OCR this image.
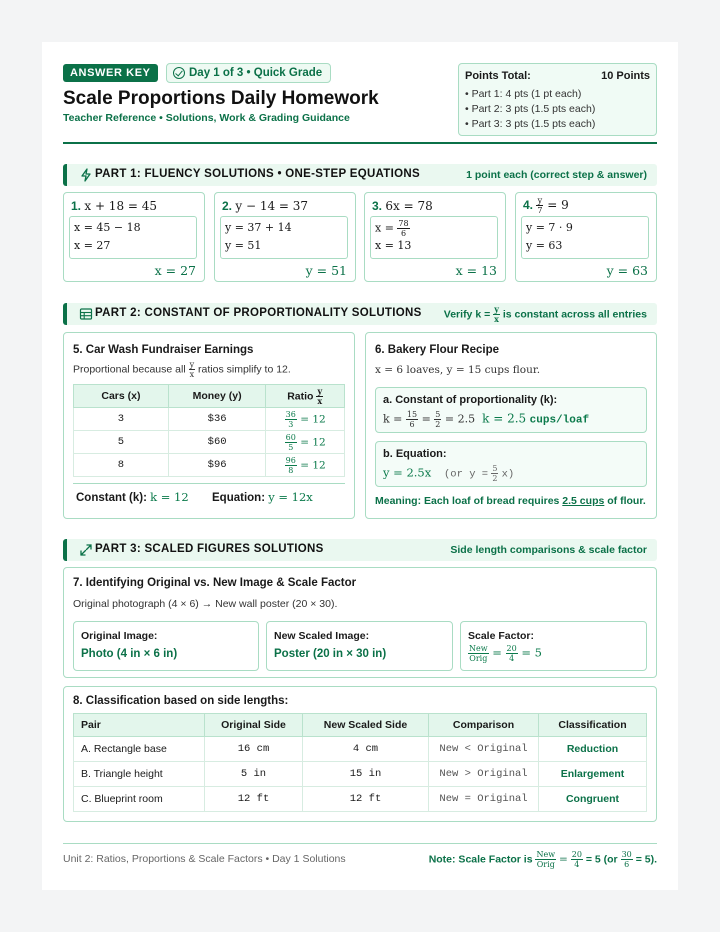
ANSWER KEY	Day 1 of 3 • Quick Grade
Scale Proportions Daily Homework
Teacher Reference • Solutions, Work & Grading Guidance
Points Total:	10 Points
• Part 1: 4 pts (1 pt each)
• Part 2: 3 pts (1.5 pts each)
• Part 3: 3 pts (1.5 pts each)
PART 1: FLUENCY SOLUTIONS • ONE-STEP EQUATIONS	1 point each (correct step & answer)
1. x + 18 = 45
x = 45 − 18
x = 27
x = 27
2. y − 14 = 37
y = 37 + 14
y = 51
y = 51
3. 6x = 78
$x = \frac{78}{6}$
x = 13
x = 13
4. $\frac{y}{7} = 9$
y = 7 · 9
y = 63
y = 63
PART 2: CONSTANT OF PROPORTIONALITY SOLUTIONS Verify $k = \frac{y}{x}$ is constant across all entries
5. Car Wash Fundraiser Earnings
Proportional because all $\frac{y}{x}$ ratios simplify to 12.
Cars (x)	Money (y)	Ratio $\frac{y}{x}$

3	$36	$\frac{36}{3} = 12$
5	$60	$\frac{60}{5} = 12$
8	$96	$\frac{96}{8} = 12$
Constant (k): k = 12 Equation: y = 12x
6. Bakery Flour Recipe
x = 6 loaves, y = 15 cups flour.
a. Constant of proportionality (k):
$k = \frac{15}{6} = \frac{5}{2} = 2.5$ k = 2.5 cups/loaf
b. Equation:
y = 2.5x (or $y = \frac{5}{2} x$)
Meaning: Each loaf of bread requires 2.5 cups of flour.
PART 3: SCALED FIGURES SOLUTIONS	Side length comparisons & scale factor
7. Identifying Original vs. New Image & Scale Factor
Original photograph (4 × 6) → New wall poster (20 × 30).
Original Image:
Photo (4 in × 6 in)
New Scaled Image:
Poster (20 in × 30 in)
Scale Factor:
$\frac{\text{New}}{\text{Orig}} = \frac{20}{4} = 5$
8. Classification based on side lengths:
Pair	Original Side	New Scaled Side	Comparison	Classification
A. Rectangle base	16 cm	4 cm	New < Original	Reduction
B. Triangle height	5 in	15 in	New > Original	Enlargement
C. Blueprint room	12 ft	12 ft	New = Original	Congruent
Unit 2: Ratios, Proportions & Scale Factors • Day 1 Solutions	Note: Scale Factor is $\frac{\text{New}}{\text{Orig}} = \frac{20}{4} = 5$ $(or \frac{30}{6} = 5)$.
